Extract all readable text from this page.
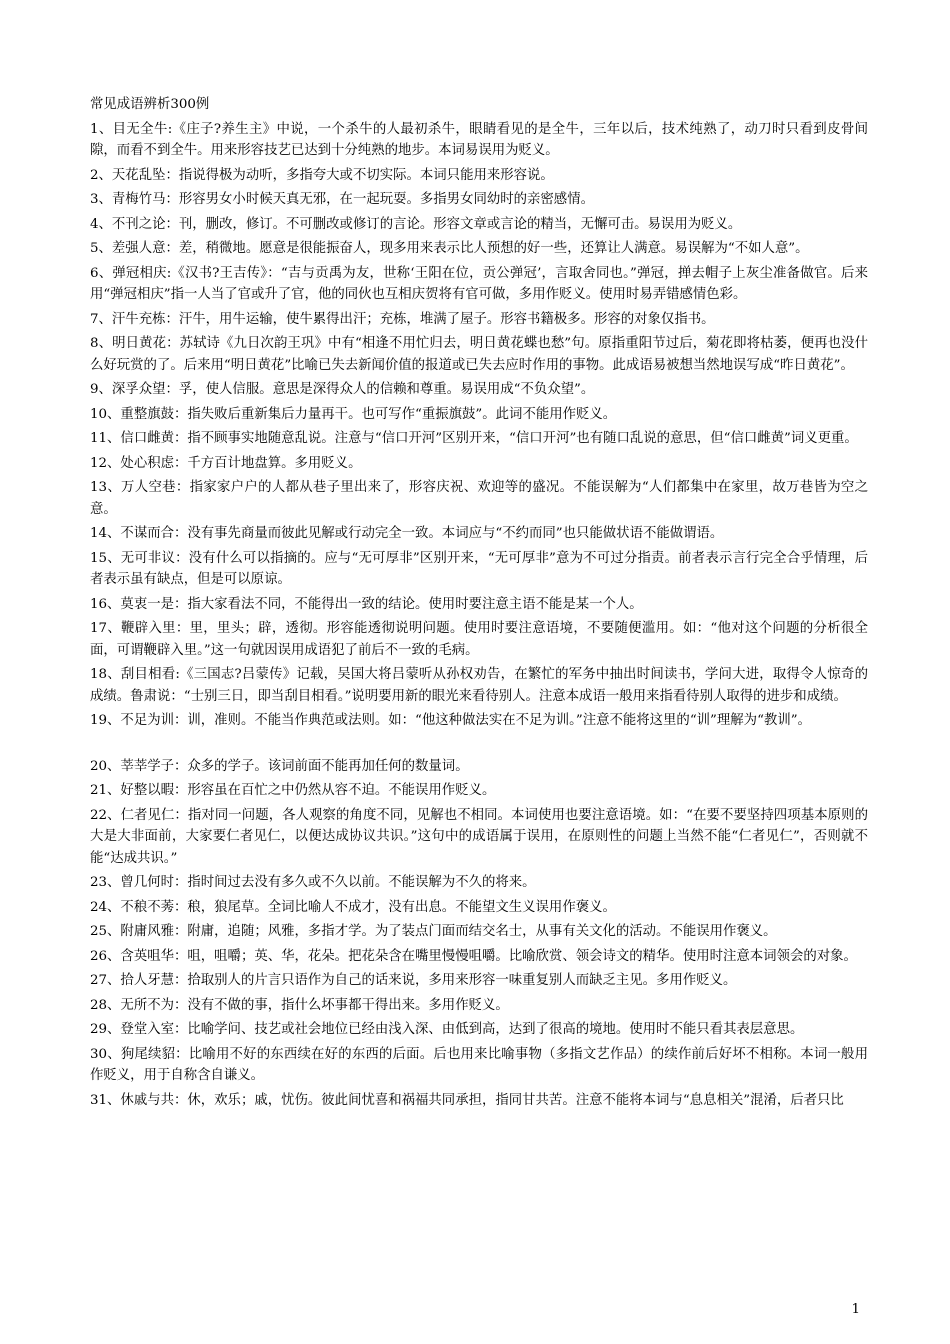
常见成语辨析300例
1、目无全牛:《庄子?养生主》中说，一个杀牛的人最初杀牛，眼睛看见的是全牛，三年以后，技术纯熟了，动刀时只看到皮骨间隙，而看不到全牛。用来形容技艺已达到十分纯熟的地步。本词易误用为贬义。
2、天花乱坠：指说得极为动听，多指夸大或不切实际。本词只能用来形容说。
3、青梅竹马：形容男女小时候天真无邪，在一起玩耍。多指男女同幼时的亲密感情。
4、不刊之论：刊，删改，修订。不可删改或修订的言论。形容文章或言论的精当，无懈可击。易误用为贬义。
5、差强人意：差，稍微地。愿意是很能振奋人，现多用来表示比人预想的好一些，还算让人满意。易误解为“不如人意”。
6、弹冠相庆:《汉书?王吉传》：“吉与贡禹为友，世称‘王阳在位，贡公弹冠’，言取舍同也。”弹冠，掸去帽子上灰尘准备做官。后来用“弹冠相庆”指一人当了官或升了官，他的同伙也互相庆贺将有官可做，多用作贬义。使用时易弄错感情色彩。
7、汗牛充栋：汗牛，用牛运输，使牛累得出汗；充栋，堆满了屋子。形容书籍极多。形容的对象仅指书。
8、明日黄花：苏轼诗《九日次韵王巩》中有“相逢不用忙归去，明日黄花蝶也愁”句。原指重阳节过后，菊花即将枯萎，便再也没什么好玩赏的了。后来用“明日黄花”比喻已失去新闻价值的报道或已失去应时作用的事物。此成语易被想当然地误写成“昨日黄花”。
9、深孚众望：孚，使人信服。意思是深得众人的信赖和尊重。易误用成“不负众望”。
10、重整旗鼓：指失败后重新集后力量再干。也可写作“重振旗鼓”。此词不能用作贬义。
11、信口雌黄：指不顾事实地随意乱说。注意与“信口开河”区别开来，“信口开河”也有随口乱说的意思，但“信口雌黄”词义更重。
12、处心积虑：千方百计地盘算。多用贬义。
13、万人空巷：指家家户户的人都从巷子里出来了，形容庆祝、欢迎等的盛况。不能误解为“人们都集中在家里，故万巷皆为空之意。
14、不谋而合：没有事先商量而彼此见解或行动完全一致。本词应与“不约而同”也只能做状语不能做谓语。
15、无可非议：没有什么可以指摘的。应与“无可厚非”区别开来，“无可厚非”意为不可过分指责。前者表示言行完全合乎情理，后者表示虽有缺点，但是可以原谅。
16、莫衷一是：指大家看法不同，不能得出一致的结论。使用时要注意主语不能是某一个人。
17、鞭辟入里：里，里头；辟，透彻。形容能透彻说明问题。使用时要注意语境，不要随便滥用。如：“他对这个问题的分析很全面，可谓鞭辟入里。”这一句就因误用成语犯了前后不一致的毛病。
18、刮目相看:《三国志?吕蒙传》记载，吴国大将吕蒙听从孙权劝告，在繁忙的军务中抽出时间读书，学问大进，取得令人惊奇的成绩。鲁肃说：“士别三日，即当刮目相看。”说明要用新的眼光来看待别人。注意本成语一般用来指看待别人取得的进步和成绩。
19、不足为训：训，准则。不能当作典范或法则。如：“他这种做法实在不足为训。”注意不能将这里的“训”理解为“教训”。
20、莘莘学子：众多的学子。该词前面不能再加任何的数量词。
21、好整以暇：形容虽在百忙之中仍然从容不迫。不能误用作贬义。
22、仁者见仁：指对同一问题，各人观察的角度不同，见解也不相同。本词使用也要注意语境。如：“在要不要坚持四项基本原则的大是大非面前，大家要仁者见仁，以便达成协议共识。”这句中的成语属于误用，在原则性的问题上当然不能“仁者见仁”，否则就不能“达成共识。”
23、曾几何时：指时间过去没有多久或不久以前。不能误解为不久的将来。
24、不稂不莠：稂，狼尾草。全词比喻人不成才，没有出息。不能望文生义误用作褒义。
25、附庸风雅：附庸，追随；风雅，多指才学。为了装点门面而结交名士，从事有关文化的活动。不能误用作褒义。
26、含英咀华：咀，咀嚼；英、华，花朵。把花朵含在嘴里慢慢咀嚼。比喻欣赏、领会诗文的精华。使用时注意本词领会的对象。
27、拾人牙慧：拾取别人的片言只语作为自己的话来说，多用来形容一味重复别人而缺乏主见。多用作贬义。
28、无所不为：没有不做的事，指什么坏事都干得出来。多用作贬义。
29、登堂入室：比喻学问、技艺或社会地位已经由浅入深、由低到高，达到了很高的境地。使用时不能只看其表层意思。
30、狗尾续貂：比喻用不好的东西续在好的东西的后面。后也用来比喻事物（多指文艺作品）的续作前后好坏不相称。本词一般用作贬义，用于自称含自谦义。
31、休戚与共：休，欢乐；戚，忧伤。彼此间忧喜和祸福共同承担，指同甘共苦。注意不能将本词与“息息相关”混淆，后者只比
1
